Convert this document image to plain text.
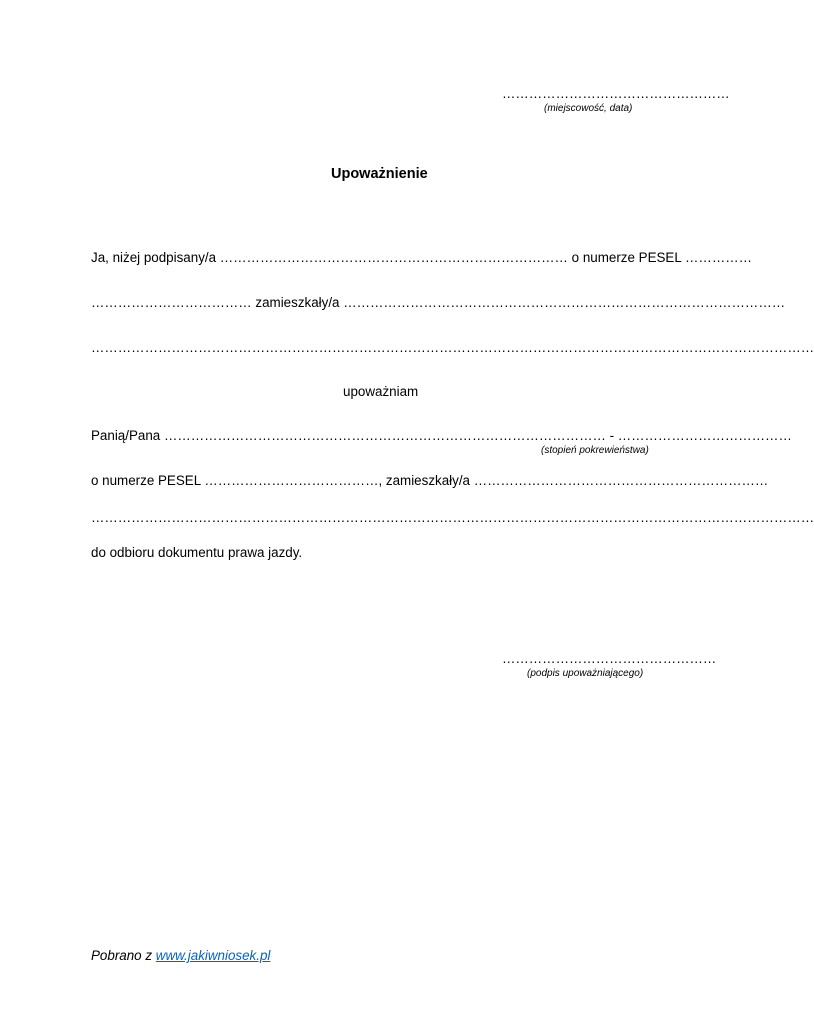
……………………………………………
(miejscowość, data)
Upoważnienie
Ja, niżej podpisany/a …………………………………………………………………… o numerze PESEL ……………
……………………………… zamieszkały/a ………………………………………………………………………………………
………………………………………………………………………………………………………………………………………………
upoważniam
Panią/Pana ……………………………………………………………………………………… - …………………………………
(stopień pokrewieństwa)
o numerze PESEL …………………………………, zamieszkały/a …………………………………………………………
………………………………………………………………………………………………………………………………………………
do odbioru dokumentu prawa jazdy.
…………………………………………
(podpis upoważniającego)
Pobrano z www.jakiwniosek.pl
